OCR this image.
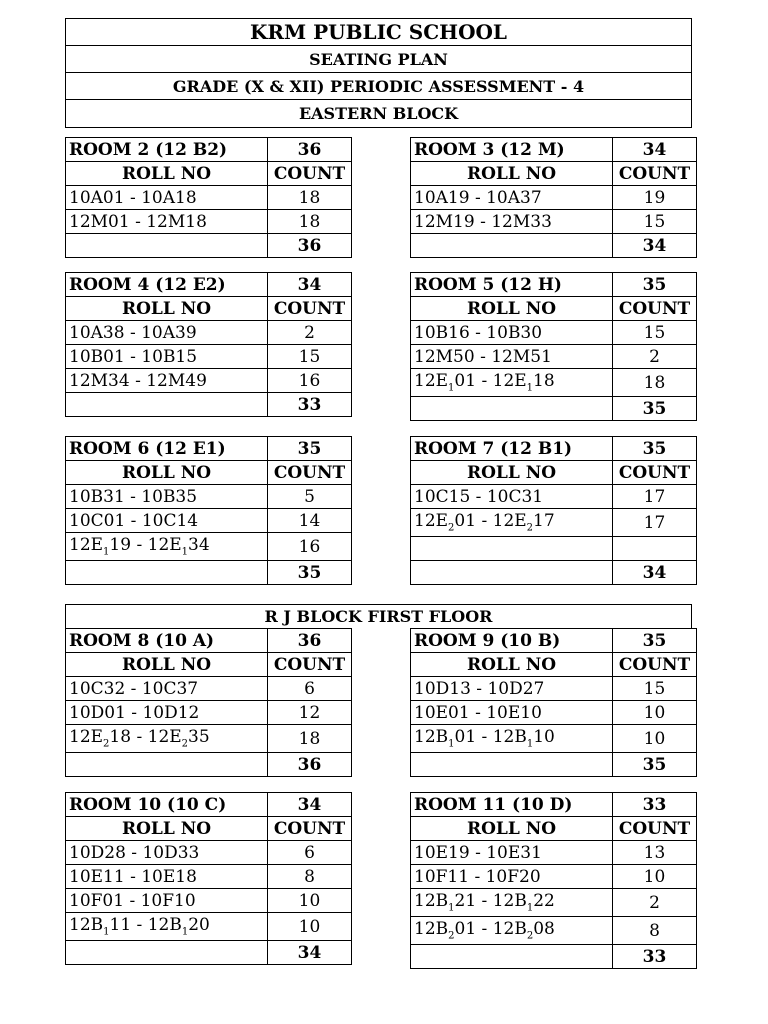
KRM PUBLIC SCHOOL
SEATING PLAN
GRADE (X & XII) PERIODIC ASSESSMENT - 4
EASTERN BLOCK
R J BLOCK FIRST FLOOR
ROOM 2 (12 B2)	36
ROLL NO	COUNT
10A01 - 10A18	18
12M01 - 12M18	18
	36
ROOM 3 (12 M)	34
ROLL NO	COUNT
10A19 - 10A37	19
12M19 - 12M33	15
	34
ROOM 4 (12 E2)	34
ROLL NO	COUNT
10A38 - 10A39	2
10B01 - 10B15	15
12M34 - 12M49	16
	33
ROOM 5 (12 H)	35
ROLL NO	COUNT
10B16 - 10B30	15
12M50 - 12M51	2
$12E_101 - 12E_118$	18
	35
ROOM 6 (12 E1)	35
ROLL NO	COUNT
10B31 - 10B35	5
10C01 - 10C14	14
$12E_119 - 12E_134$	16
	35
ROOM 7 (12 B1)	35
ROLL NO	COUNT
10C15 - 10C31	17
$12E_201 - 12E_217$	17

	34
ROOM 8 (10 A)	36
ROLL NO	COUNT
10C32 - 10C37	6
10D01 - 10D12	12
$12E_218 - 12E_235$	18
	36
ROOM 9 (10 B)	35
ROLL NO	COUNT
10D13 - 10D27	15
10E01 - 10E10	10
$12B_101 - 12B_110$	10
	35
ROOM 10 (10 C)	34
ROLL NO	COUNT
10D28 - 10D33	6
10E11 - 10E18	8
10F01 - 10F10	10
$12B_111 - 12B_120$	10
	34
ROOM 11 (10 D)	33
ROLL NO	COUNT
10E19 - 10E31	13
10F11 - 10F20	10
$12B_121 - 12B_122$	2
$12B_201 - 12B_208$	8
	33
